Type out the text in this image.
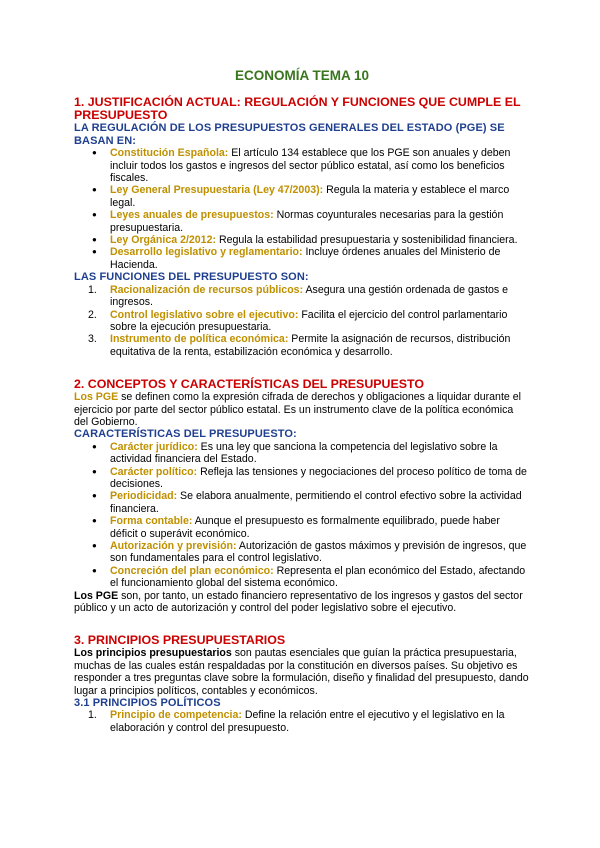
ECONOMÍA TEMA 10
1. JUSTIFICACIÓN ACTUAL: REGULACIÓN Y FUNCIONES QUE CUMPLE EL PRESUPUESTO
LA REGULACIÓN DE LOS PRESUPUESTOS GENERALES DEL ESTADO (PGE) SE BASAN EN:
●	Constitución Española: El artículo 134 establece que los PGE son anuales y deben incluir todos los gastos e ingresos del sector público estatal, así como los beneficios fiscales.
●	Ley General Presupuestaria (Ley 47/2003): Regula la materia y establece el marco legal.
●	Leyes anuales de presupuestos: Normas coyunturales necesarias para la gestión presupuestaria.
●	Ley Orgánica 2/2012: Regula la estabilidad presupuestaria y sostenibilidad financiera.
●	Desarrollo legislativo y reglamentario: Incluye órdenes anuales del Ministerio de Hacienda.
LAS FUNCIONES DEL PRESUPUESTO SON:
1.	Racionalización de recursos públicos: Asegura una gestión ordenada de gastos e ingresos.
2.	Control legislativo sobre el ejecutivo: Facilita el ejercicio del control parlamentario sobre la ejecución presupuestaria.
3.	Instrumento de política económica: Permite la asignación de recursos, distribución equitativa de la renta, estabilización económica y desarrollo.
2. CONCEPTOS Y CARACTERÍSTICAS DEL PRESUPUESTO

Los PGE se definen como la expresión cifrada de derechos y obligaciones a liquidar durante el ejercicio por parte del sector público estatal. Es un instrumento clave de la política económica del Gobierno.

CARACTERÍSTICAS DEL PRESUPUESTO:
●	Carácter jurídico: Es una ley que sanciona la competencia del legislativo sobre la actividad financiera del Estado.
●	Carácter político: Refleja las tensiones y negociaciones del proceso político de toma de decisiones.
●	Periodicidad: Se elabora anualmente, permitiendo el control efectivo sobre la actividad financiera.
●	Forma contable: Aunque el presupuesto es formalmente equilibrado, puede haber déficit o superávit económico.
●	Autorización y previsión: Autorización de gastos máximos y previsión de ingresos, que son fundamentales para el control legislativo.
●	Concreción del plan económico: Representa el plan económico del Estado, afectando el funcionamiento global del sistema económico.

Los PGE son, por tanto, un estado financiero representativo de los ingresos y gastos del sector público y un acto de autorización y control del poder legislativo sobre el ejecutivo.

3. PRINCIPIOS PRESUPUESTARIOS

Los principios presupuestarios son pautas esenciales que guían la práctica presupuestaria, muchas de las cuales están respaldadas por la constitución en diversos países. Su objetivo es responder a tres preguntas clave sobre la formulación, diseño y finalidad del presupuesto, dando lugar a principios políticos, contables y económicos.

3.1 PRINCIPIOS POLÍTICOS
1.	Principio de competencia: Define la relación entre el ejecutivo y el legislativo en la elaboración y control del presupuesto.
